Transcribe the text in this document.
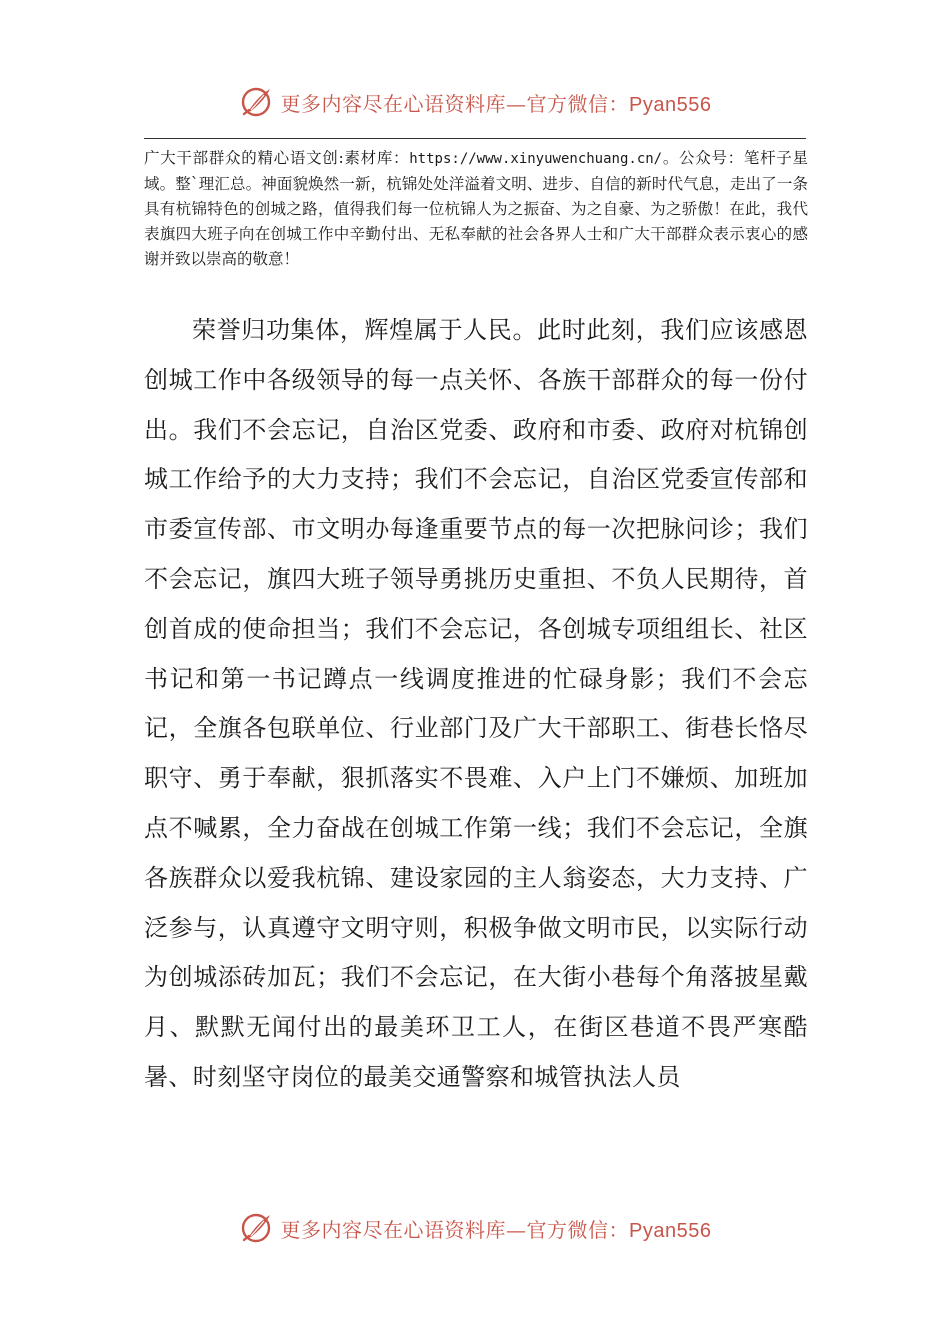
更多内容尽在心语资料库—官方微信：Pyan556

广大干部群众的精心语文创:素材库：https://www.xinyuwenchuang.cn/。公众号：笔杆子星域。整`理汇总。神面貌焕然一新，杭锦处处洋溢着文明、进步、自信的新时代气息，走出了一条具有杭锦特色的创城之路，值得我们每一位杭锦人为之振奋、为之自豪、为之骄傲！在此，我代表旗四大班子向在创城工作中辛勤付出、无私奉献的社会各界人士和广大干部群众表示衷心的感谢并致以崇高的敬意！

荣誉归功集体，辉煌属于人民。此时此刻，我们应该感恩创城工作中各级领导的每一点关怀、各族干部群众的每一份付出。我们不会忘记，自治区党委、政府和市委、政府对杭锦创城工作给予的大力支持；我们不会忘记，自治区党委宣传部和市委宣传部、市文明办每逢重要节点的每一次把脉问诊；我们不会忘记，旗四大班子领导勇挑历史重担、不负人民期待，首创首成的使命担当；我们不会忘记，各创城专项组组长、社区书记和第一书记蹲点一线调度推进的忙碌身影；我们不会忘记，全旗各包联单位、行业部门及广大干部职工、街巷长恪尽职守、勇于奉献，狠抓落实不畏难、入户上门不嫌烦、加班加点不喊累，全力奋战在创城工作第一线；我们不会忘记，全旗各族群众以爱我杭锦、建设家园的主人翁姿态，大力支持、广泛参与，认真遵守文明守则，积极争做文明市民，以实际行动为创城添砖加瓦；我们不会忘记，在大街小巷每个角落披星戴月、默默无闻付出的最美环卫工人，在街区巷道不畏严寒酷暑、时刻坚守岗位的最美交通警察和城管执法人员

更多内容尽在心语资料库—官方微信：Pyan556
